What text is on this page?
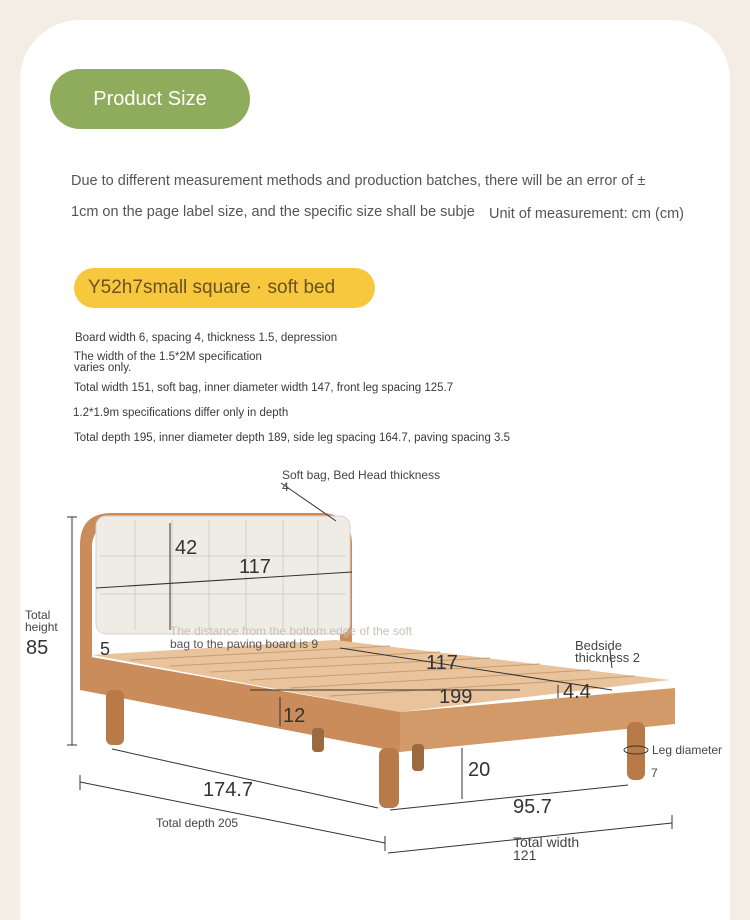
Product Size
Due to different measurement methods and production batches, there will be an error of ±
1cm on the page label size, and the specific size shall be subje Unit of measurement: cm (cm)
Y52h7small square · soft bed
Board width 6, spacing 4, thickness 1.5, depression
The width of the 1.5*2M specification
varies only.
Total width 151, soft bag, inner diameter width 147, front leg spacing 125.7
1.2*1.9m specifications differ only in depth
Total depth 195, inner diameter depth 189, side leg spacing 164.7, paving spacing 3.5
Soft bag, Bed Head thickness
4
42
117
Total
height
85	5
The distance from the bottom edge of the soft
bag to the paving board is 9
117
Bedside
thickness 2
199	4.4
12
Leg diameter
7
20
174.7
Total depth 205
95.7
Total width
121
